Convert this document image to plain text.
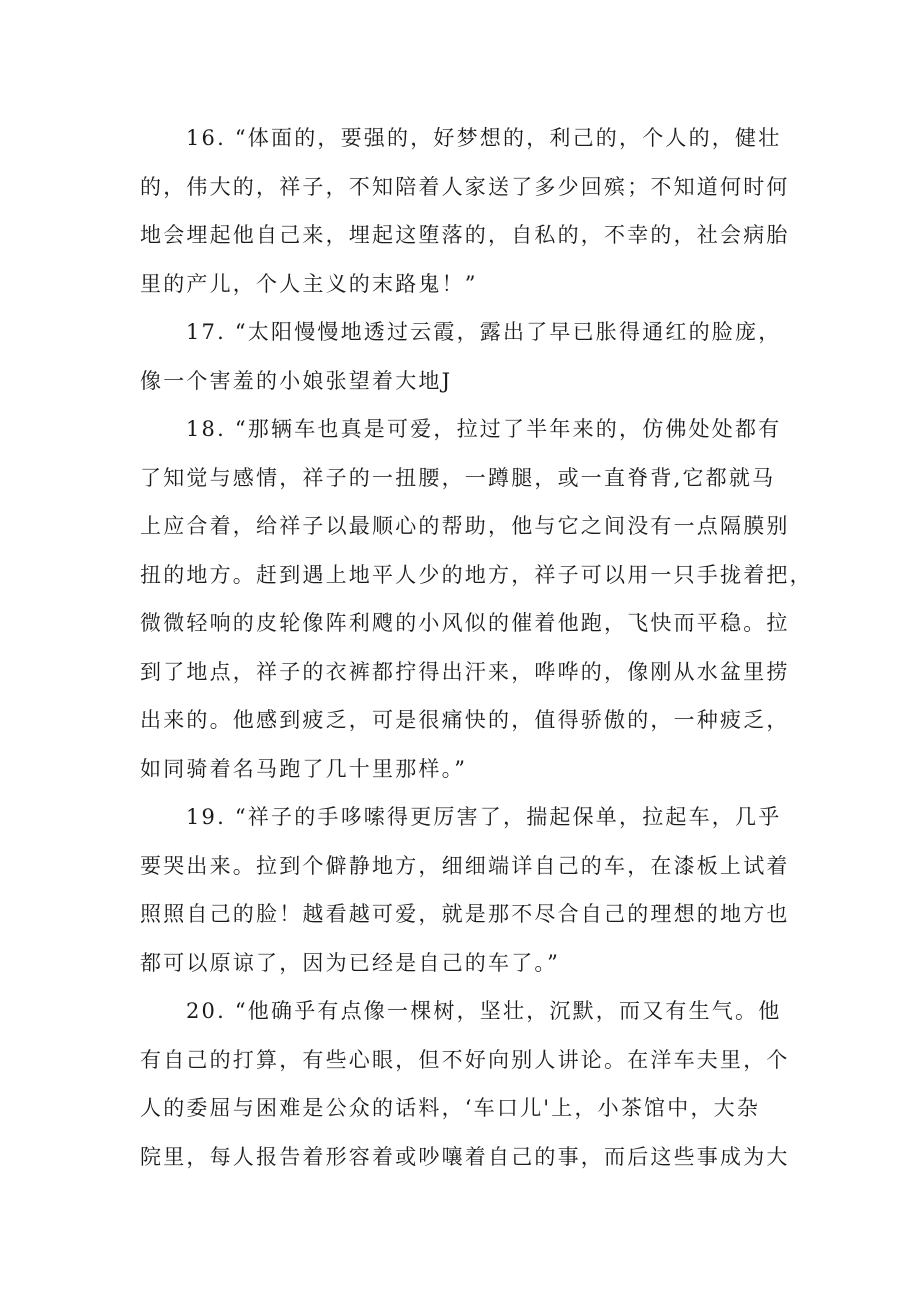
16. “体面的，要强的，好梦想的，利己的，个人的，健壮
的，伟大的，祥子，不知陪着人家送了多少回殡；不知道何时何
地会埋起他自己来，埋起这堕落的，自私的，不幸的，社会病胎
里的产儿，个人主义的末路鬼！”
17. “太阳慢慢地透过云霞，露出了早已胀得通红的脸庞，
像一个害羞的小娘张望着大地J
18. “那辆车也真是可爱，拉过了半年来的，仿佛处处都有
了知觉与感情，祥子的一扭腰，一蹲腿，或一直脊背,它都就马
上应合着，给祥子以最顺心的帮助，他与它之间没有一点隔膜别
扭的地方。赶到遇上地平人少的地方，祥子可以用一只手拢着把，
微微轻响的皮轮像阵利飕的小风似的催着他跑，飞快而平稳。拉
到了地点，祥子的衣裤都拧得出汗来，哗哗的，像刚从水盆里捞
出来的。他感到疲乏，可是很痛快的，值得骄傲的，一种疲乏，
如同骑着名马跑了几十里那样。”
19. “祥子的手哆嗦得更厉害了，揣起保单，拉起车，几乎
要哭出来。拉到个僻静地方，细细端详自己的车，在漆板上试着
照照自己的脸！越看越可爱，就是那不尽合自己的理想的地方也
都可以原谅了，因为已经是自己的车了。”
20. “他确乎有点像一棵树，坚壮，沉默，而又有生气。他
有自己的打算，有些心眼，但不好向别人讲论。在洋车夫里，个
人的委屈与困难是公众的话料，‘车口儿'上，小茶馆中，大杂
院里，每人报告着形容着或吵嚷着自己的事，而后这些事成为大
